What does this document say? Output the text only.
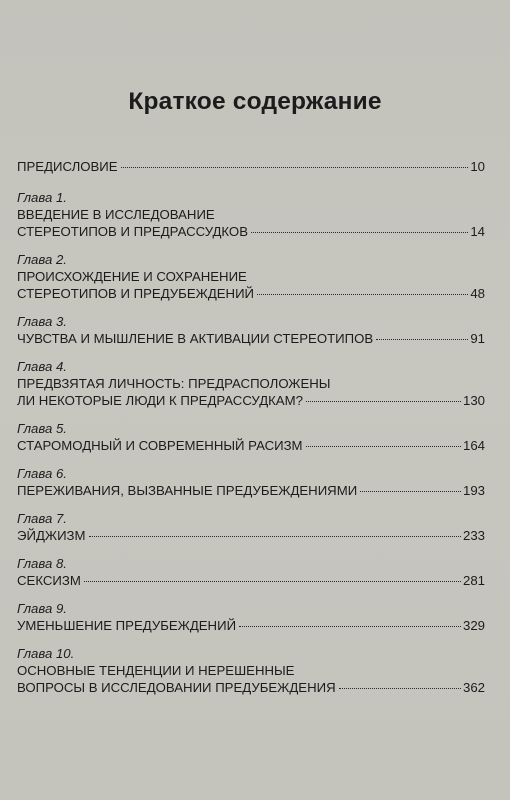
Краткое содержание
ПРЕДИСЛОВИЕ	10
Глава 1.
ВВЕДЕНИЕ В ИССЛЕДОВАНИЕ
СТЕРЕОТИПОВ И ПРЕДРАССУДКОВ	14
Глава 2.
ПРОИСХОЖДЕНИЕ И СОХРАНЕНИЕ
СТЕРЕОТИПОВ И ПРЕДУБЕЖДЕНИЙ	48
Глава 3.
ЧУВСТВА И МЫШЛЕНИЕ В АКТИВАЦИИ СТЕРЕОТИПОВ	91
Глава 4.
ПРЕДВЗЯТАЯ ЛИЧНОСТЬ: ПРЕДРАСПОЛОЖЕНЫ
ЛИ НЕКОТОРЫЕ ЛЮДИ К ПРЕДРАССУДКАМ?	130
Глава 5.
СТАРОМОДНЫЙ И СОВРЕМЕННЫЙ РАСИЗМ	164
Глава 6.
ПЕРЕЖИВАНИЯ, ВЫЗВАННЫЕ ПРЕДУБЕЖДЕНИЯМИ	193
Глава 7.
ЭЙДЖИЗМ	233
Глава 8.
СЕКСИЗМ	281
Глава 9.
УМЕНЬШЕНИЕ ПРЕДУБЕЖДЕНИЙ	329
Глава 10.
ОСНОВНЫЕ ТЕНДЕНЦИИ И НЕРЕШЕННЫЕ
ВОПРОСЫ В ИССЛЕДОВАНИИ ПРЕДУБЕЖДЕНИЯ	362
